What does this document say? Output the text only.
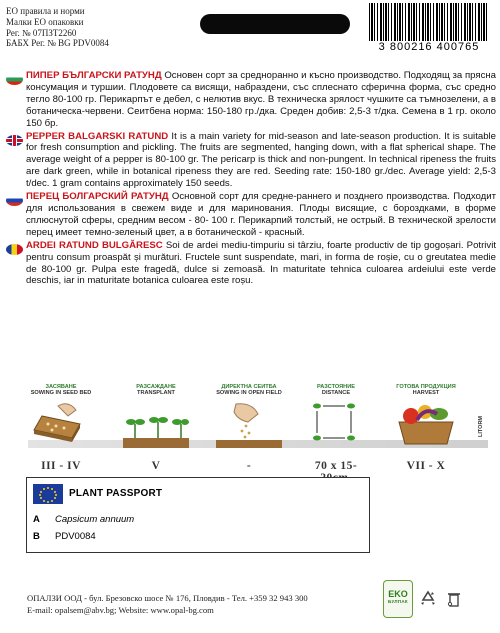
ЕО правила и норми
Малки ЕО опаковки
Рег. № 07ПЗТ2260
БАБХ Рег. № BG PDV0084	3 800216 400765
ПИПЕР БЪЛГАРСКИ РАТУНД Основен сорт за средноранно и късно производство. Подходящ за прясна консумация и туршии. Плодовете са висящи, набраздени, със сплеснато сферична форма, със средно тегло 80-100 гр. Перикарпът е дебел, с нелютив вкус. В техническа зрялост чушките са тъмнозелени, а в ботаническа-червени. Сеитбена норма: 150-180 гр./дка. Среден добив: 2,5-3 т/дка. Семена в 1 гр. около 150 бр.
PEPPER BALGARSKI RATUND It is a main variety for mid-season and late-season production. It is suitable for fresh consumption and pickling. The fruits are segmented, hanging down, with a flat spherical shape. The average weight of a pepper is 80-100 gr. The pericarp is thick and non-pungent. In technical ripeness the fruits are dark green, while in botanical ripeness they are red. Seeding rate: 150-180 gr./dec. Average yield: 2,5-3 t/dec. 1 gram contains approximately 150 seeds.
ПЕРЕЦ БОЛГАРСКИЙ РАТУНД Основной сорт для средне-раннего и позднего производства. Подходит для использования в свежем виде и для маринования. Плоды висящие, с бороздками, в форме сплюснутой сферы, средним весом - 80- 100 г. Перикарпий толстый, не острый. В технической зрелости перец имеет темно-зеленый цвет, а в ботанической - красный.
ARDEI RATUND BULGĂRESC Soi de ardei mediu-timpuriu si târziu, foarte productiv de tip gogoșari. Potrivit pentru consum proaspăt și murături. Fructele sunt suspendate, mari, in forma de roșie, cu o greutatea medie de 80-100 gr. Pulpa este fragedă, dulce si zemoasă. In maturitate tehnica culoarea ardeiului este verde deschis, iar in maturitate botanica culoarea este roșu.
ЗАСЯВАНЕ
SOWING IN SEED BED
III - IV
РАЗСАЖДАНЕ
TRANSPLANT
V
ДИРЕКТНА СЕИТБА
SOWING IN OPEN FIELD
-
РАЗСТОЯНИЕ
DISTANCE
70 x 15-
ГОТОВА ПРОДУКЦИЯ
HARVEST
VII - X
LITORM
PLANT PASSPORT
A Capsicum annuum
B PDV0084
ОПАЛЗИ ООД - бул. Брезовско шосе № 176, Пловдив - Тел. +359 32 943 300
E-mail: opalsem@abv.bg; Website: www.opal-bg.com
EKO
БУЛПАК
